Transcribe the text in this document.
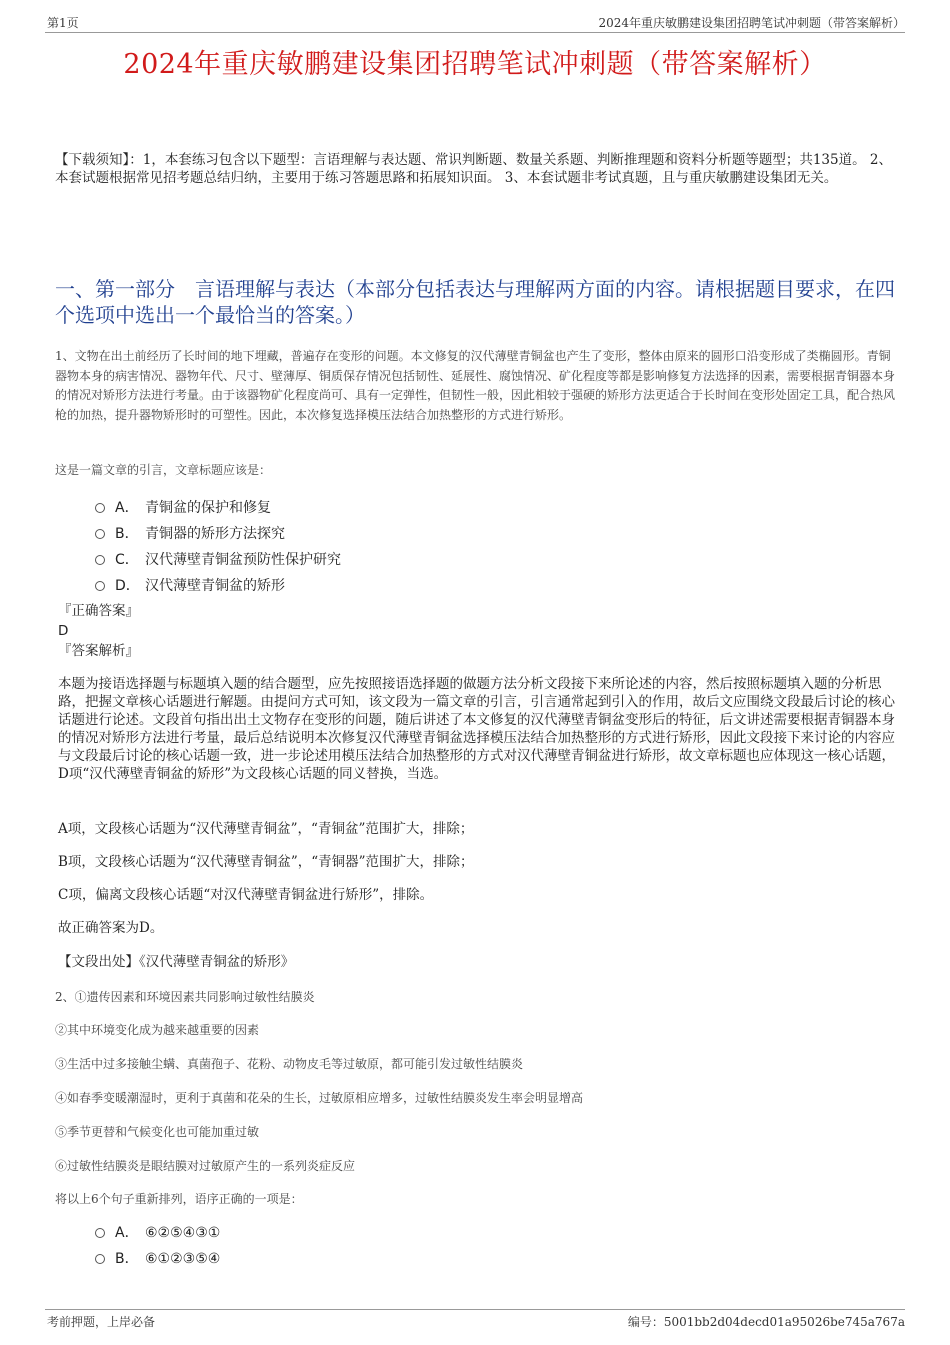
第1页	2024年重庆敏鹏建设集团招聘笔试冲刺题（带答案解析）
2024年重庆敏鹏建设集团招聘笔试冲刺题（带答案解析）
【下载须知】：1，本套练习包含以下题型：言语理解与表达题、常识判断题、数量关系题、判断推理题和资料分析题等题型；共135道。 2、本套试题根据常见招考题总结归纳，主要用于练习答题思路和拓展知识面。 3、本套试题非考试真题，且与重庆敏鹏建设集团无关。
一、第一部分　言语理解与表达（本部分包括表达与理解两方面的内容。请根据题目要求，在四个选项中选出一个最恰当的答案。）
1、文物在出土前经历了长时间的地下埋藏，普遍存在变形的问题。本文修复的汉代薄壁青铜盆也产生了变形，整体由原来的圆形口沿变形成了类椭圆形。青铜器物本身的病害情况、器物年代、尺寸、壁薄厚、铜质保存情况包括韧性、延展性、腐蚀情况、矿化程度等都是影响修复方法选择的因素，需要根据青铜器本身的情况对矫形方法进行考量。由于该器物矿化程度尚可、具有一定弹性，但韧性一般，因此相较于强硬的矫形方法更适合于长时间在变形处固定工具，配合热风枪的加热，提升器物矫形时的可塑性。因此，本次修复选择模压法结合加热整形的方式进行矫形。
这是一篇文章的引言，文章标题应该是：
A． 青铜盆的保护和修复
B． 青铜器的矫形方法探究
C． 汉代薄壁青铜盆预防性保护研究
D． 汉代薄壁青铜盆的矫形
『正确答案』
D
『答案解析』
本题为接语选择题与标题填入题的结合题型，应先按照接语选择题的做题方法分析文段接下来所论述的内容，然后按照标题填入题的分析思路，把握文章核心话题进行解题。由提问方式可知，该文段为一篇文章的引言，引言通常起到引入的作用，故后文应围绕文段最后讨论的核心话题进行论述。文段首句指出出土文物存在变形的问题，随后讲述了本文修复的汉代薄壁青铜盆变形后的特征，后文讲述需要根据青铜器本身的情况对矫形方法进行考量，最后总结说明本次修复汉代薄壁青铜盆选择模压法结合加热整形的方式进行矫形，因此文段接下来讨论的内容应与文段最后讨论的核心话题一致，进一步论述用模压法结合加热整形的方式对汉代薄壁青铜盆进行矫形，故文章标题也应体现这一核心话题，D项“汉代薄壁青铜盆的矫形”为文段核心话题的同义替换，当选。
A项，文段核心话题为“汉代薄壁青铜盆”，“青铜盆”范围扩大，排除；
B项，文段核心话题为“汉代薄壁青铜盆”，“青铜器”范围扩大，排除；
C项，偏离文段核心话题“对汉代薄壁青铜盆进行矫形”，排除。
故正确答案为D。
【文段出处】《汉代薄壁青铜盆的矫形》
2、①遗传因素和环境因素共同影响过敏性结膜炎
②其中环境变化成为越来越重要的因素
③生活中过多接触尘螨、真菌孢子、花粉、动物皮毛等过敏原，都可能引发过敏性结膜炎
④如春季变暖潮湿时，更利于真菌和花朵的生长，过敏原相应增多，过敏性结膜炎发生率会明显增高
⑤季节更替和气候变化也可能加重过敏
⑥过敏性结膜炎是眼结膜对过敏原产生的一系列炎症反应
将以上6个句子重新排列，语序正确的一项是：
A． ⑥②⑤④③①
B． ⑥①②③⑤④
考前押题，上岸必备	编号：5001bb2d04decd01a95026be745a767a
